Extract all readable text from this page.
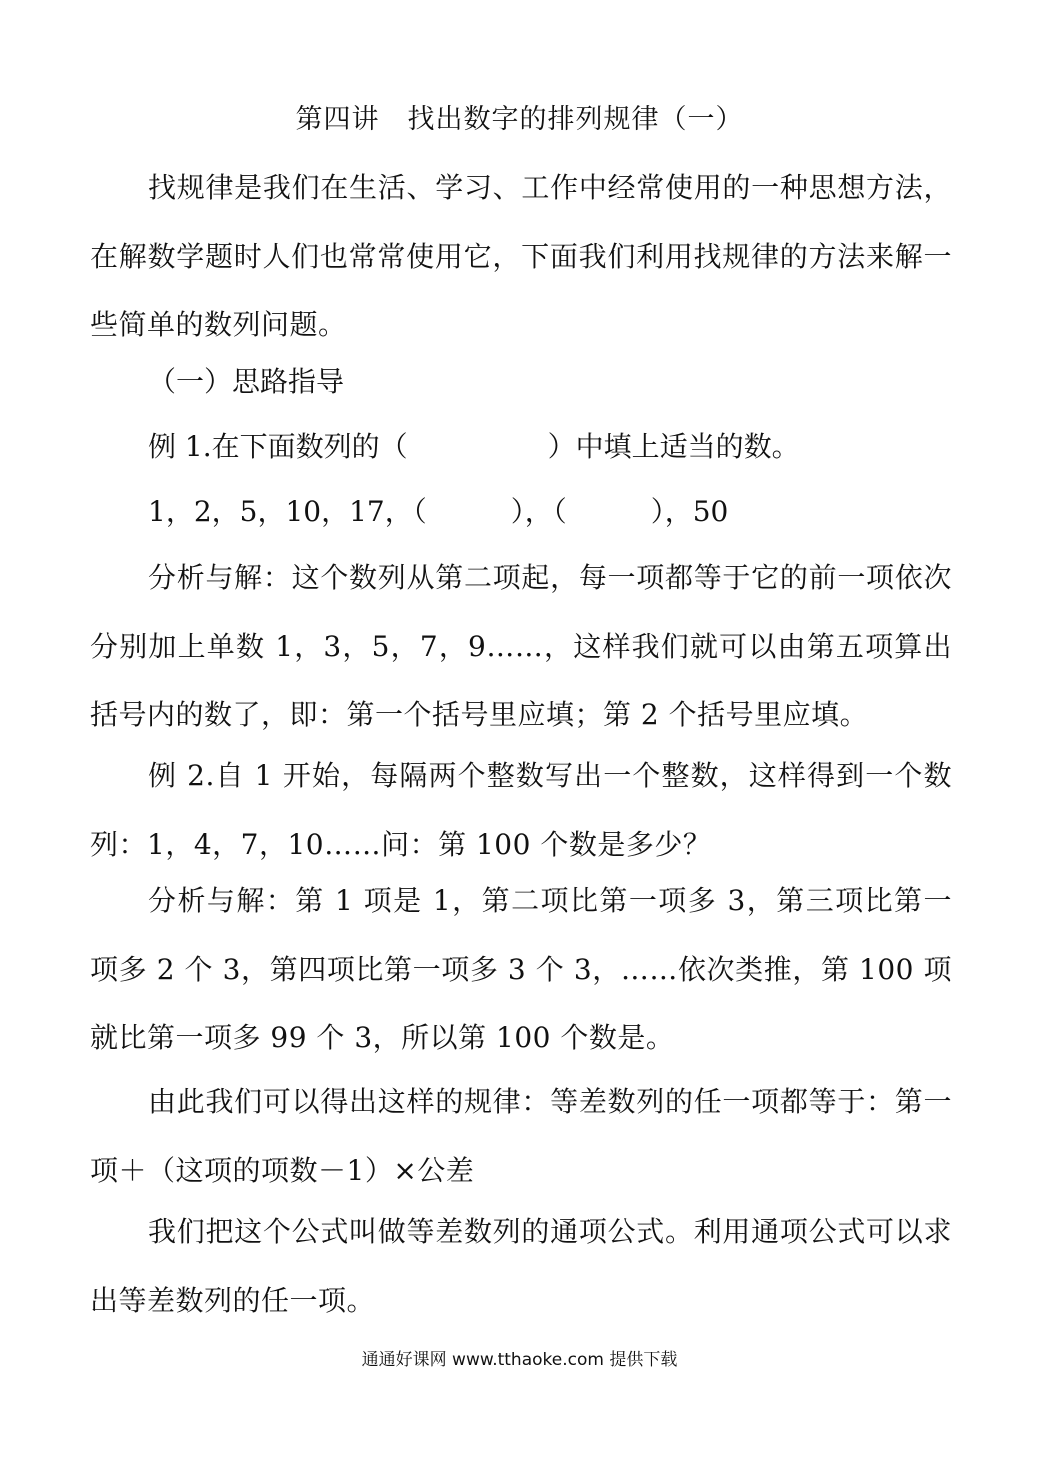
第四讲　找出数字的排列规律（一）
找规律是我们在生活、学习、工作中经常使用的一种思想方法，在解数学题时人们也常常使用它，下面我们利用找规律的方法来解一些简单的数列问题。
（一）思路指导
例 1.在下面数列的（　　　　　）中填上适当的数。
1，2，5，10，17，（　　　），（　　　），50
分析与解：这个数列从第二项起，每一项都等于它的前一项依次分别加上单数 1，3，5，7，9……，这样我们就可以由第五项算出括号内的数了，即：第一个括号里应填；第 2 个括号里应填。
例 2.自 1 开始，每隔两个整数写出一个整数，这样得到一个数列：1，4，7，10……问：第 100 个数是多少？
分析与解：第 1 项是 1，第二项比第一项多 3，第三项比第一项多 2 个 3，第四项比第一项多 3 个 3，……依次类推，第 100 项就比第一项多 99 个 3，所以第 100 个数是。
由此我们可以得出这样的规律：等差数列的任一项都等于：第一项＋（这项的项数－1）×公差
我们把这个公式叫做等差数列的通项公式。利用通项公式可以求出等差数列的任一项。
通通好课网 www.tthaoke.com 提供下载
